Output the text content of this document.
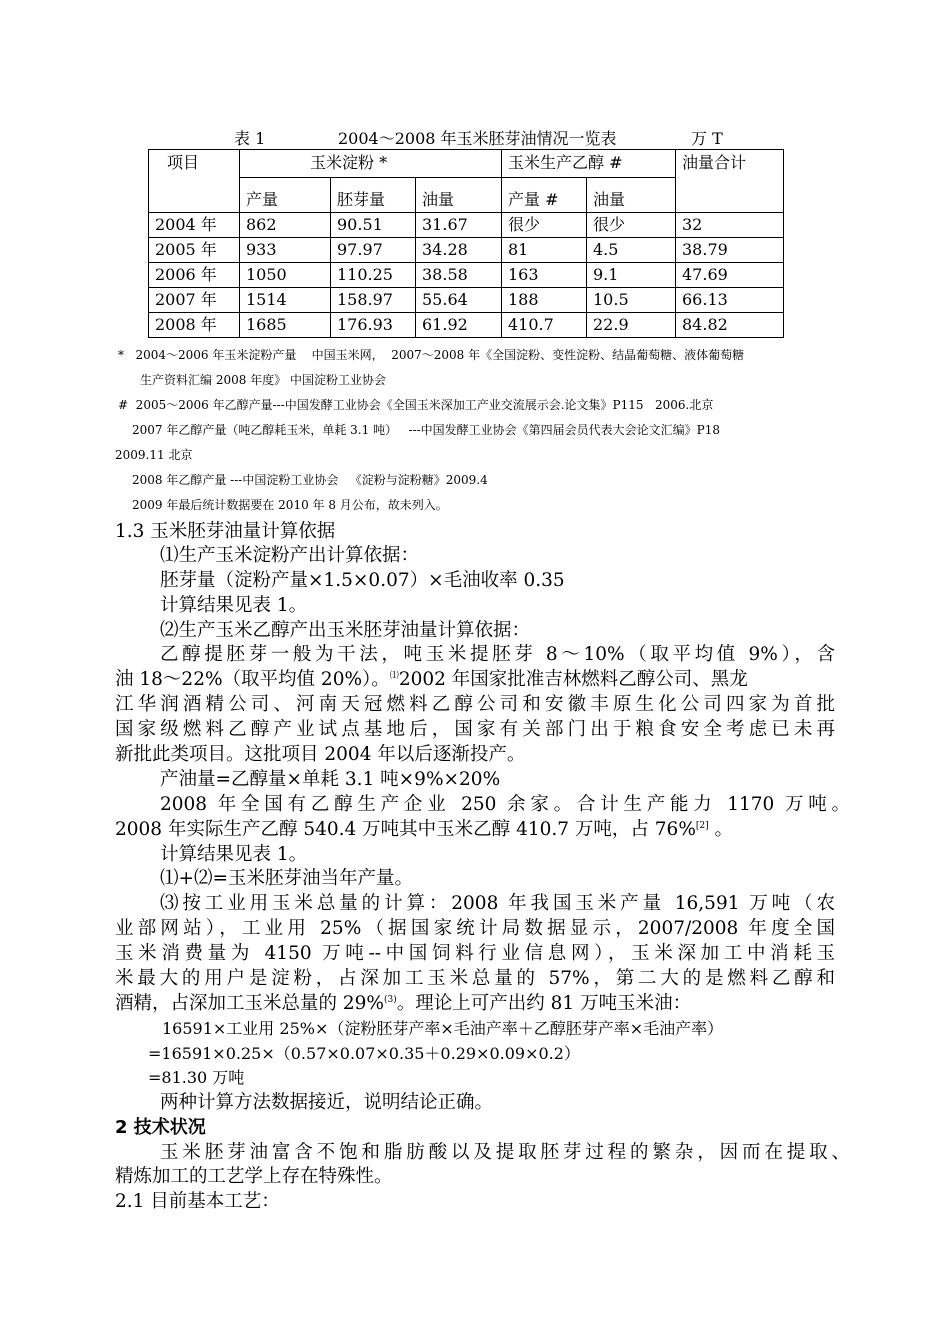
表 1

	2004～2008 年玉米胚芽油情况一览表

	万 T

项目	玉米淀粉 *			玉米生产乙醇 #		油量合计
	产量	胚芽量	油量	产量 #	油量	
2004 年	862	90.51	31.67	很少	很少	32
2005 年	933	97.97	34.28	81	4.5	38.79
2006 年	1050	110.25	38.58	163	9.1	47.69
2007 年	1514	158.97	55.64	188	10.5	66.13
2008 年	1685	176.93	61.92	410.7	22.9	84.82
*   2004～2006 年玉米淀粉产量    中国玉米网，  2007～2008 年《全国淀粉、变性淀粉、结晶葡萄糖、液体葡萄糖
生产资料汇编 2008 年度》 中国淀粉工业协会
#  2005～2006 年乙醇产量---中国发酵工业协会《全国玉米深加工产业交流展示会.论文集》P115   2006.北京
2007 年乙醇产量（吨乙醇耗玉米，单耗 3.1 吨）   ---中国发酵工业协会《第四届会员代表大会论文汇编》P18
2009.11 北京
2008 年乙醇产量 ---中国淀粉工业协会   《淀粉与淀粉糖》2009.4
2009 年最后统计数据要在 2010 年 8 月公布，故未列入。
1.3 玉米胚芽油量计算依据
⑴生产玉米淀粉产出计算依据：
胚芽量（淀粉产量×1.5×0.07）×毛油收率 0.35
计算结果见表 1。
⑵生产玉米乙醇产出玉米胚芽油量计算依据：
乙醇提胚芽一般为干法，吨玉米提胚芽 8～10%（取平均值 9%），含
油 18～22%（取平均值 20%）。⑴2002 年国家批准吉林燃料乙醇公司、黑龙
江华润酒精公司、河南天冠燃料乙醇公司和安徽丰原生化公司四家为首批
国家级燃料乙醇产业试点基地后，国家有关部门出于粮食安全考虑已未再
新批此类项目。这批项目 2004 年以后逐渐投产。
产油量=乙醇量×单耗 3.1 吨×9%×20%
2008 年全国有乙醇生产企业 250 余家。合计生产能力 1170 万吨。
2008 年实际生产乙醇 540.4 万吨其中玉米乙醇 410.7 万吨，占 76%[2] 。
计算结果见表 1。
⑴+⑵=玉米胚芽油当年产量。
⑶按工业用玉米总量的计算：2008 年我国玉米产量 16,591 万吨（农
业部网站），工业用 25%（据国家统计局数据显示，2007/2008 年度全国
玉米消费量为 4150 万吨--中国饲料行业信息网），玉米深加工中消耗玉
米最大的用户是淀粉，占深加工玉米总量的 57%，第二大的是燃料乙醇和
酒精，占深加工玉米总量的 29%$^{(3)}$。理论上可产出约 81 万吨玉米油：
16591×工业用 25%×（淀粉胚芽产率×毛油产率＋乙醇胚芽产率×毛油产率）
=16591×0.25×（0.57×0.07×0.35＋0.29×0.09×0.2）
=81.30 万吨
两种计算方法数据接近，说明结论正确。
2 技术状况
玉米胚芽油富含不饱和脂肪酸以及提取胚芽过程的繁杂，因而在提取、
精炼加工的工艺学上存在特殊性。
2.1 目前基本工艺：
